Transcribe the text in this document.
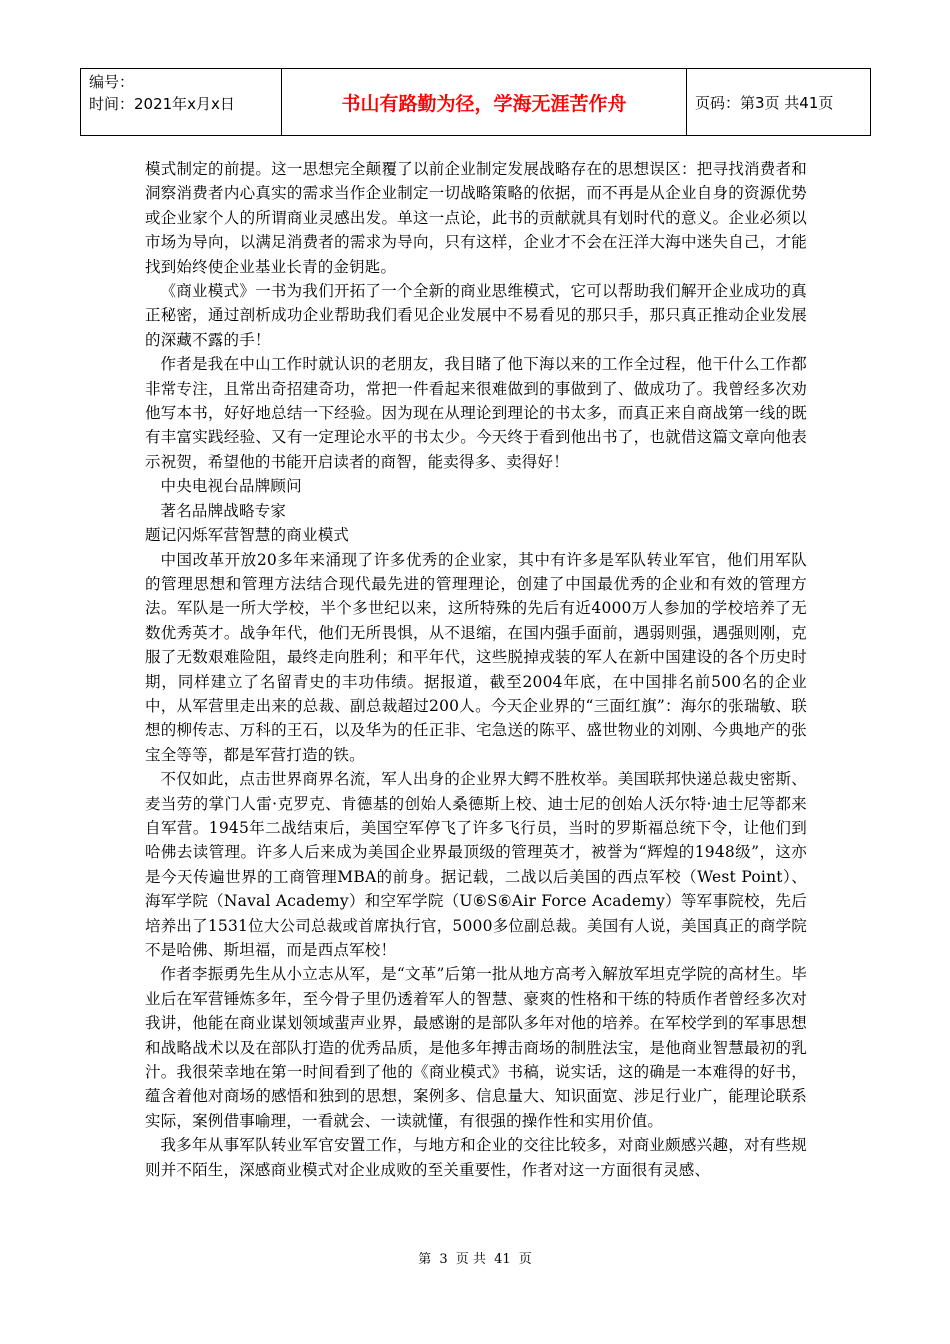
编号：
时间：2021年x月x日	书山有路勤为径，学海无涯苦作舟	页码：第3页 共41页

模式制定的前提。这一思想完全颠覆了以前企业制定发展战略存在的思想误区：把寻找消费者和洞察消费者内心真实的需求当作企业制定一切战略策略的依据，而不再是从企业自身的资源优势或企业家个人的所谓商业灵感出发。单这一点论，此书的贡献就具有划时代的意义。企业必须以市场为导向，以满足消费者的需求为导向，只有这样，企业才不会在汪洋大海中迷失自己，才能找到始终使企业基业长青的金钥匙。

《商业模式》一书为我们开拓了一个全新的商业思维模式，它可以帮助我们解开企业成功的真正秘密，通过剖析成功企业帮助我们看见企业发展中不易看见的那只手，那只真正推动企业发展的深藏不露的手！

作者是我在中山工作时就认识的老朋友，我目睹了他下海以来的工作全过程，他干什么工作都非常专注，且常出奇招建奇功，常把一件看起来很难做到的事做到了、做成功了。我曾经多次劝他写本书，好好地总结一下经验。因为现在从理论到理论的书太多，而真正来自商战第一线的既有丰富实践经验、又有一定理论水平的书太少。今天终于看到他出书了，也就借这篇文章向他表示祝贺，希望他的书能开启读者的商智，能卖得多、卖得好！

中央电视台品牌顾问

著名品牌战略专家

题记闪烁军营智慧的商业模式

中国改革开放20多年来涌现了许多优秀的企业家，其中有许多是军队转业军官，他们用军队的管理思想和管理方法结合现代最先进的管理理论，创建了中国最优秀的企业和有效的管理方法。军队是一所大学校，半个多世纪以来，这所特殊的先后有近4000万人参加的学校培养了无数优秀英才。战争年代，他们无所畏惧，从不退缩，在国内强手面前，遇弱则强，遇强则刚，克服了无数艰难险阻，最终走向胜利；和平年代，这些脱掉戎装的军人在新中国建设的各个历史时期，同样建立了名留青史的丰功伟绩。据报道，截至2004年底，在中国排名前500名的企业中，从军营里走出来的总裁、副总裁超过200人。今天企业界的“三面红旗”：海尔的张瑞敏、联想的柳传志、万科的王石，以及华为的任正非、宅急送的陈平、盛世物业的刘刚、今典地产的张宝全等等，都是军营打造的铁。

不仅如此，点击世界商界名流，军人出身的企业界大鳄不胜枚举。美国联邦快递总裁史密斯、麦当劳的掌门人雷·克罗克、肯德基的创始人桑德斯上校、迪士尼的创始人沃尔特·迪士尼等都来自军营。1945年二战结束后，美国空军停飞了许多飞行员，当时的罗斯福总统下令，让他们到哈佛去读管理。许多人后来成为美国企业界最顶级的管理英才，被誉为“辉煌的1948级”，这亦是今天传遍世界的工商管理MBA的前身。据记载，二战以后美国的西点军校（West Point）、海军学院（Naval Academy）和空军学院（U⑥S⑥Air Force Academy）等军事院校，先后培养出了1531位大公司总裁或首席执行官，5000多位副总裁。美国有人说，美国真正的商学院不是哈佛、斯坦福，而是西点军校！

作者李振勇先生从小立志从军，是“文革”后第一批从地方高考入解放军坦克学院的高材生。毕业后在军营锤炼多年，至今骨子里仍透着军人的智慧、豪爽的性格和干练的特质作者曾经多次对我讲，他能在商业谋划领域蜚声业界，最感谢的是部队多年对他的培养。在军校学到的军事思想和战略战术以及在部队打造的优秀品质，是他多年搏击商场的制胜法宝，是他商业智慧最初的乳汁。我很荣幸地在第一时间看到了他的《商业模式》书稿，说实话，这的确是一本难得的好书，蕴含着他对商场的感悟和独到的思想，案例多、信息量大、知识面宽、涉足行业广，能理论联系实际，案例借事喻理，一看就会、一读就懂，有很强的操作性和实用价值。

我多年从事军队转业军官安置工作，与地方和企业的交往比较多，对商业颇感兴趣，对有些规则并不陌生，深感商业模式对企业成败的至关重要性，作者对这一方面很有灵感、

第 3 页 共 41 页
